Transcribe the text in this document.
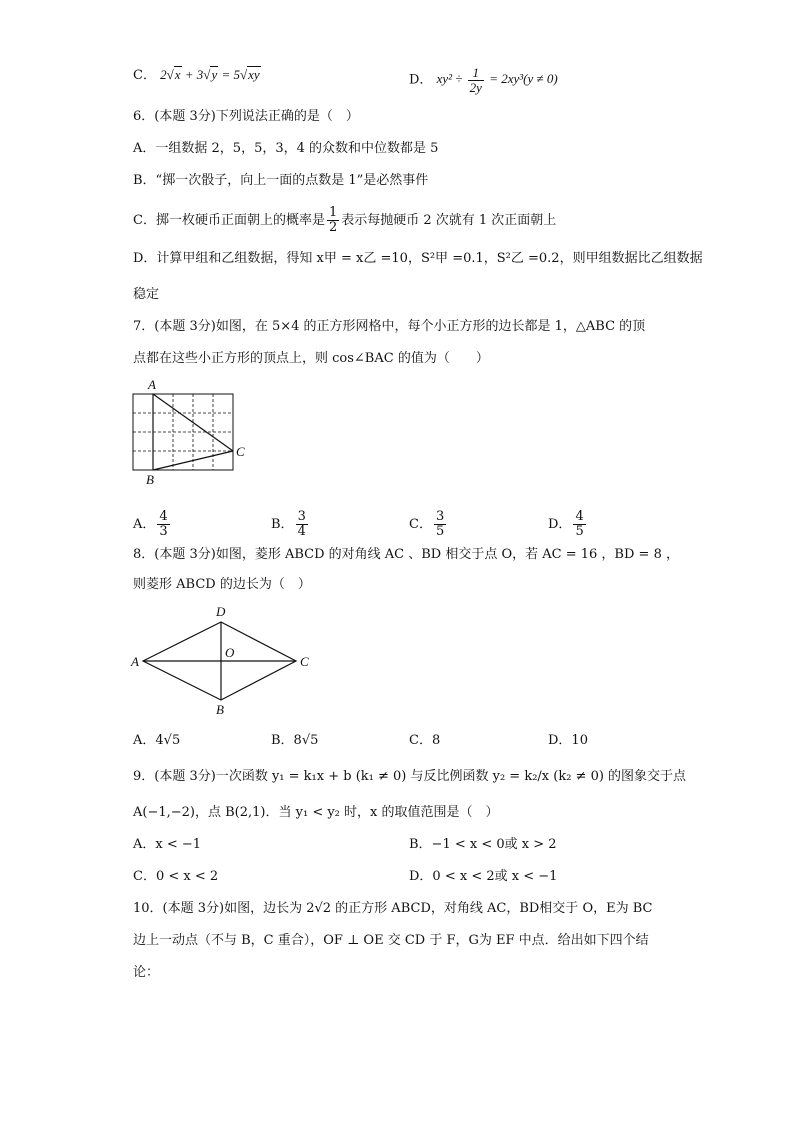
C． 2√x + 3√y = 5√xy	D． $xy^2 \div \frac{1}{2y} = 2xy^3(y \ne 0)$
6．(本题 3分)下列说法正确的是（　）
A．一组数据 2，5，5，3，4 的众数和中位数都是 5
B．“掷一次骰子，向上一面的点数是 1”是必然事件
C．掷一枚硬币正面朝上的概率是 $\frac{1}{2}$ 表示每抛硬币 2 次就有 1 次正面朝上
D．计算甲组和乙组数据，得知 x甲 = x乙 =10，S²甲 =0.1，S²乙 =0.2，则甲组数据比乙组数据
稳定
7．(本题 3分)如图，在 5×4 的正方形网格中，每个小正方形的边长都是 1，△ABC 的顶
点都在这些小正方形的顶点上，则 cos∠BAC 的值为（　　）
A
B
C
A． $\frac{4}{3}$	B． $\frac{3}{4}$	C． $\frac{3}{5}$	D． $\frac{4}{5}$
8．(本题 3分)如图，菱形 ABCD 的对角线 AC 、BD 相交于点 O，若 AC = 16 ，BD = 8 ，
则菱形 ABCD 的边长为（　）
A
D
C
B
O
A．4√5	B．8√5	C．8	D．10
9．(本题 3分)一次函数 y₁ = k₁x + b (k₁ ≠ 0) 与反比例函数 y₂ = k₂/x (k₂ ≠ 0) 的图象交于点
A(−1,−2)，点 B(2,1)．当 y₁ < y₂ 时，x 的取值范围是（　）
A．x < −1	B．−1 < x < 0或 x > 2
C．0 < x < 2	D．0 < x < 2或 x < −1
10．(本题 3分)如图，边长为 2√2 的正方形 ABCD，对角线 AC，BD相交于 O，E为 BC
边上一动点（不与 B，C 重合），OF ⊥ OE 交 CD 于 F，G为 EF 中点．给出如下四个结
论：
